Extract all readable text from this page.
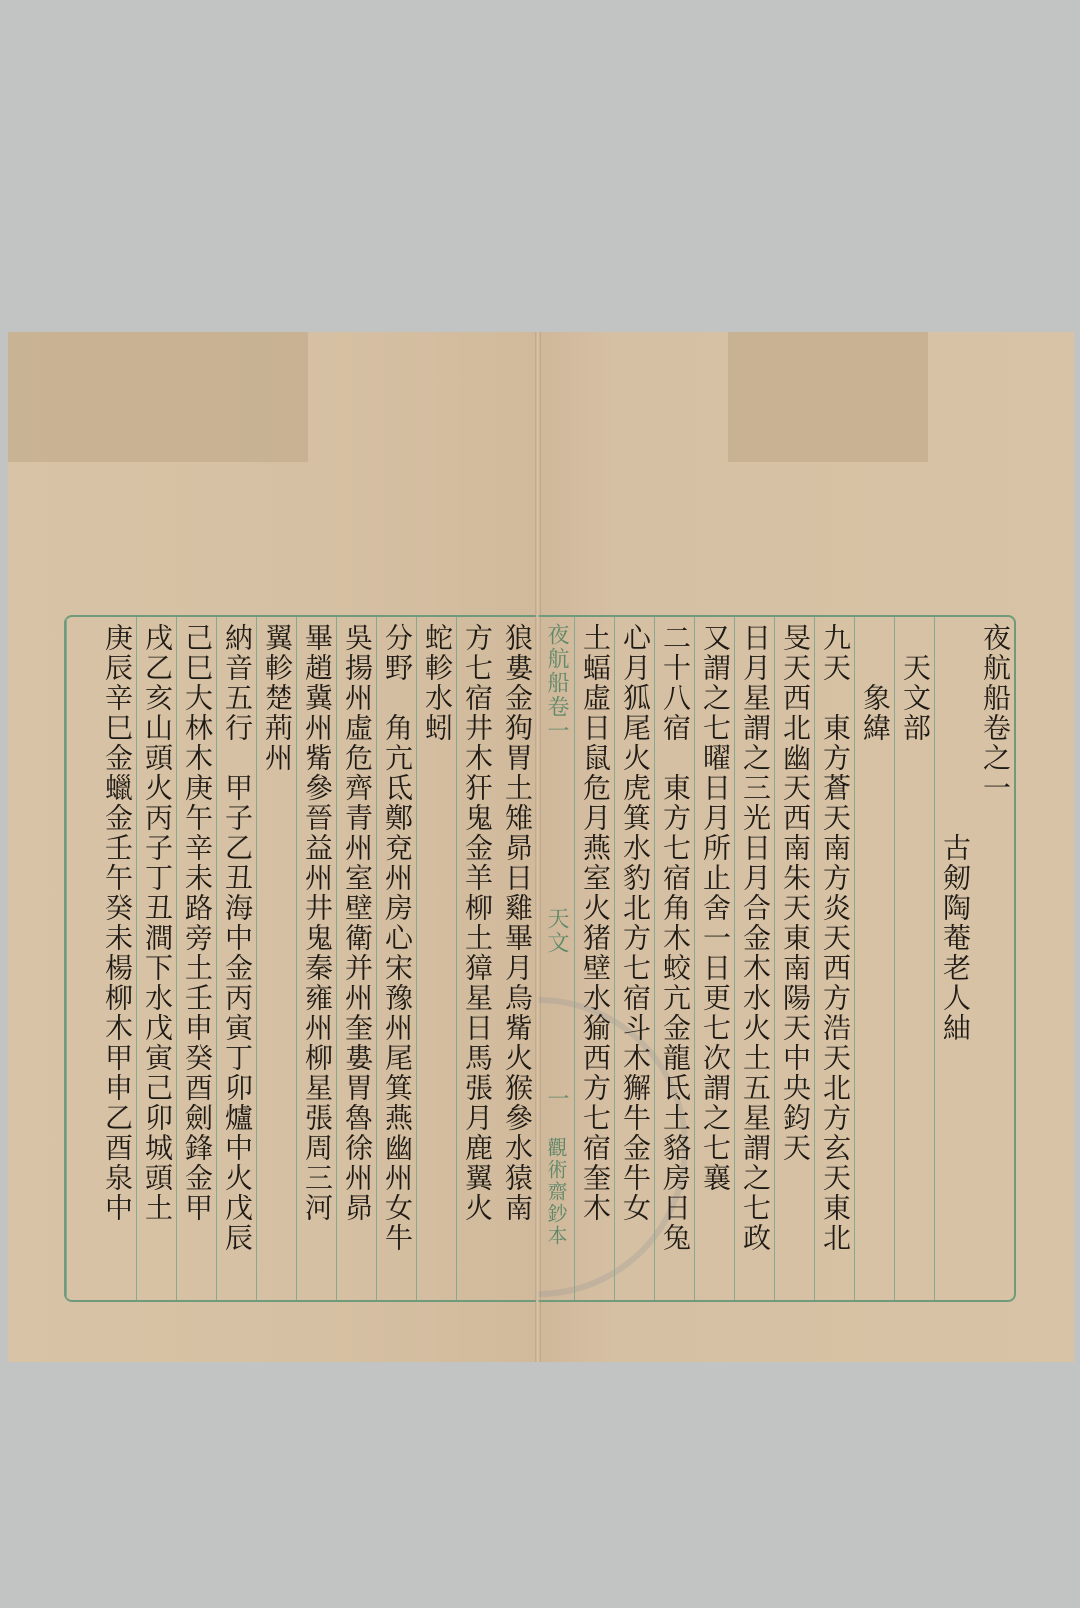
狼婁金狗胃土雉昴日雞畢月烏觜火猴參水猿南
方七宿井木犴鬼金羊柳土獐星日馬張月鹿翼火
蛇軫水蚓
分野　角亢氐鄭兗州房心宋豫州尾箕燕幽州女牛
吳揚州虛危齊青州室壁衛并州奎婁胃魯徐州昴
畢趙冀州觜參晉益州井鬼秦雍州柳星張周三河
翼軫楚荊州
納音五行　甲子乙丑海中金丙寅丁卯爐中火戊辰
己巳大林木庚午辛未路旁土壬申癸酉劍鋒金甲
戌乙亥山頭火丙子丁丑澗下水戊寅己卯城頭土
庚辰辛巳金蠟金壬午癸未楊柳木甲申乙酉泉中	夜航船卷一
天文
一
觀術齋鈔本
夜航船卷之一
　　　　　　　古剱陶菴老人紬
　天文部
　　象緯
九天　東方蒼天南方炎天西方浩天北方玄天東北
旻天西北幽天西南朱天東南陽天中央鈞天
日月星謂之三光日月合金木水火土五星謂之七政
又謂之七曜日月所止舍一日更七次謂之七襄
二十八宿　東方七宿角木蛟亢金龍氐土貉房日兔
心月狐尾火虎箕水豹北方七宿斗木獬牛金牛女
土蝠虛日鼠危月燕室火猪壁水㺄西方七宿奎木
